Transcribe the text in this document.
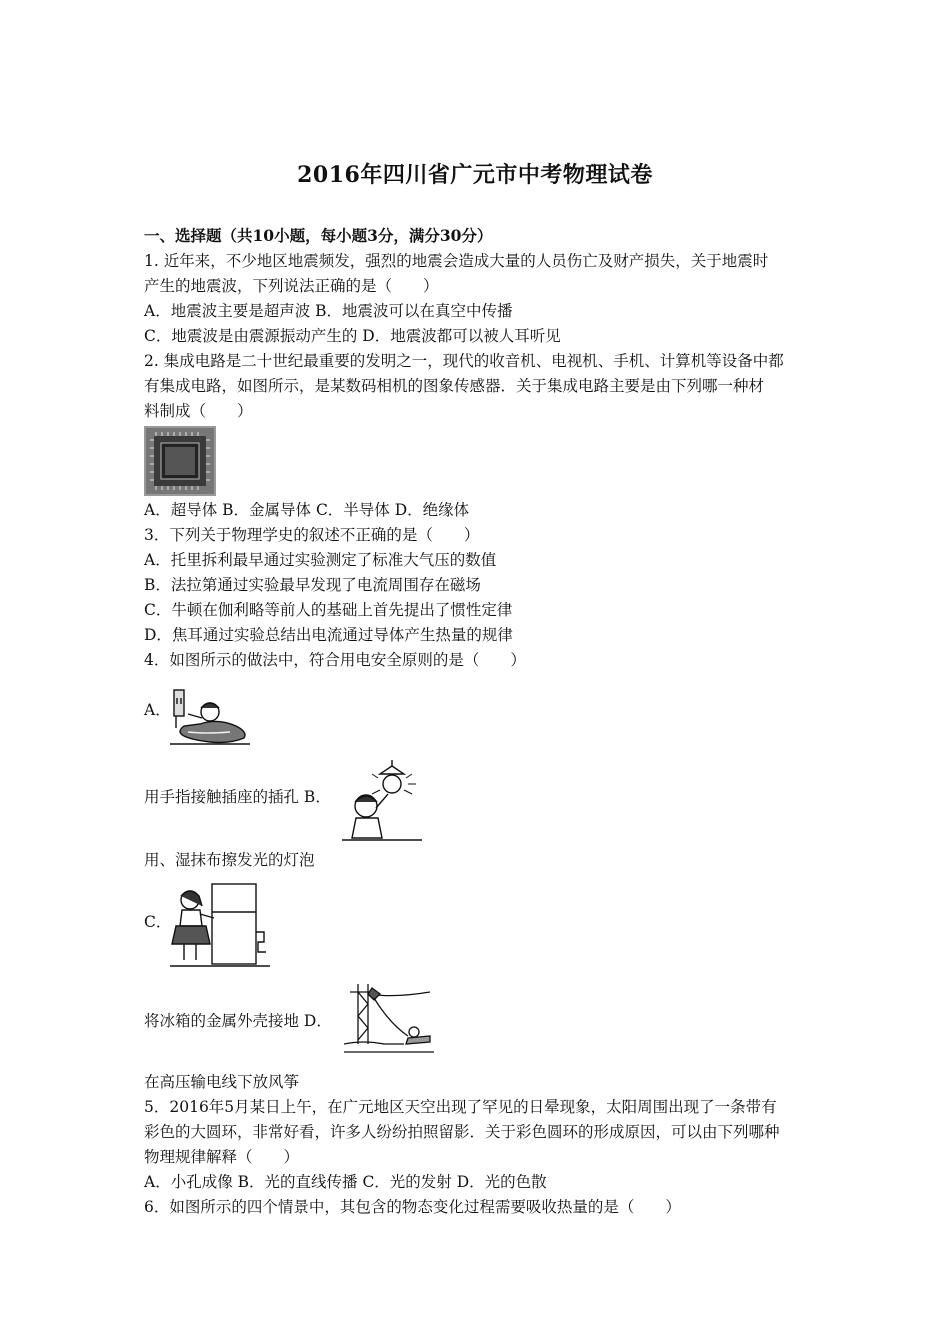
2016年四川省广元市中考物理试卷
一、选择题（共10小题，每小题3分，满分30分）
1. 近年来，不少地区地震频发，强烈的地震会造成大量的人员伤亡及财产损失，关于地震时
产生的地震波，下列说法正确的是（　　）
A．地震波主要是超声波 B．地震波可以在真空中传播
C．地震波是由震源振动产生的 D．地震波都可以被人耳听见
2. 集成电路是二十世纪最重要的发明之一，现代的收音机、电视机、手机、计算机等设备中都
有集成电路，如图所示，是某数码相机的图象传感器．关于集成电路主要是由下列哪一种材
料制成（　　）
A．超导体 B．金属导体 C．半导体 D．绝缘体
3．下列关于物理学史的叙述不正确的是（　　）
A．托里拆利最早通过实验测定了标准大气压的数值
B．法拉第通过实验最早发现了电流周围存在磁场
C．牛顿在伽利略等前人的基础上首先提出了惯性定律
D．焦耳通过实验总结出电流通过导体产生热量的规律
4．如图所示的做法中，符合用电安全原则的是（　　）
A．
用手指接触插座的插孔 B．
用、湿抹布擦发光的灯泡
C．
将冰箱的金属外壳接地 D．
在高压输电线下放风筝
5．2016年5月某日上午，在广元地区天空出现了罕见的日晕现象，太阳周围出现了一条带有
彩色的大圆环，非常好看，许多人纷纷拍照留影．关于彩色圆环的形成原因，可以由下列哪种
物理规律解释（　　）
A．小孔成像 B．光的直线传播 C．光的发射 D．光的色散
6．如图所示的四个情景中，其包含的物态变化过程需要吸收热量的是（　　）
